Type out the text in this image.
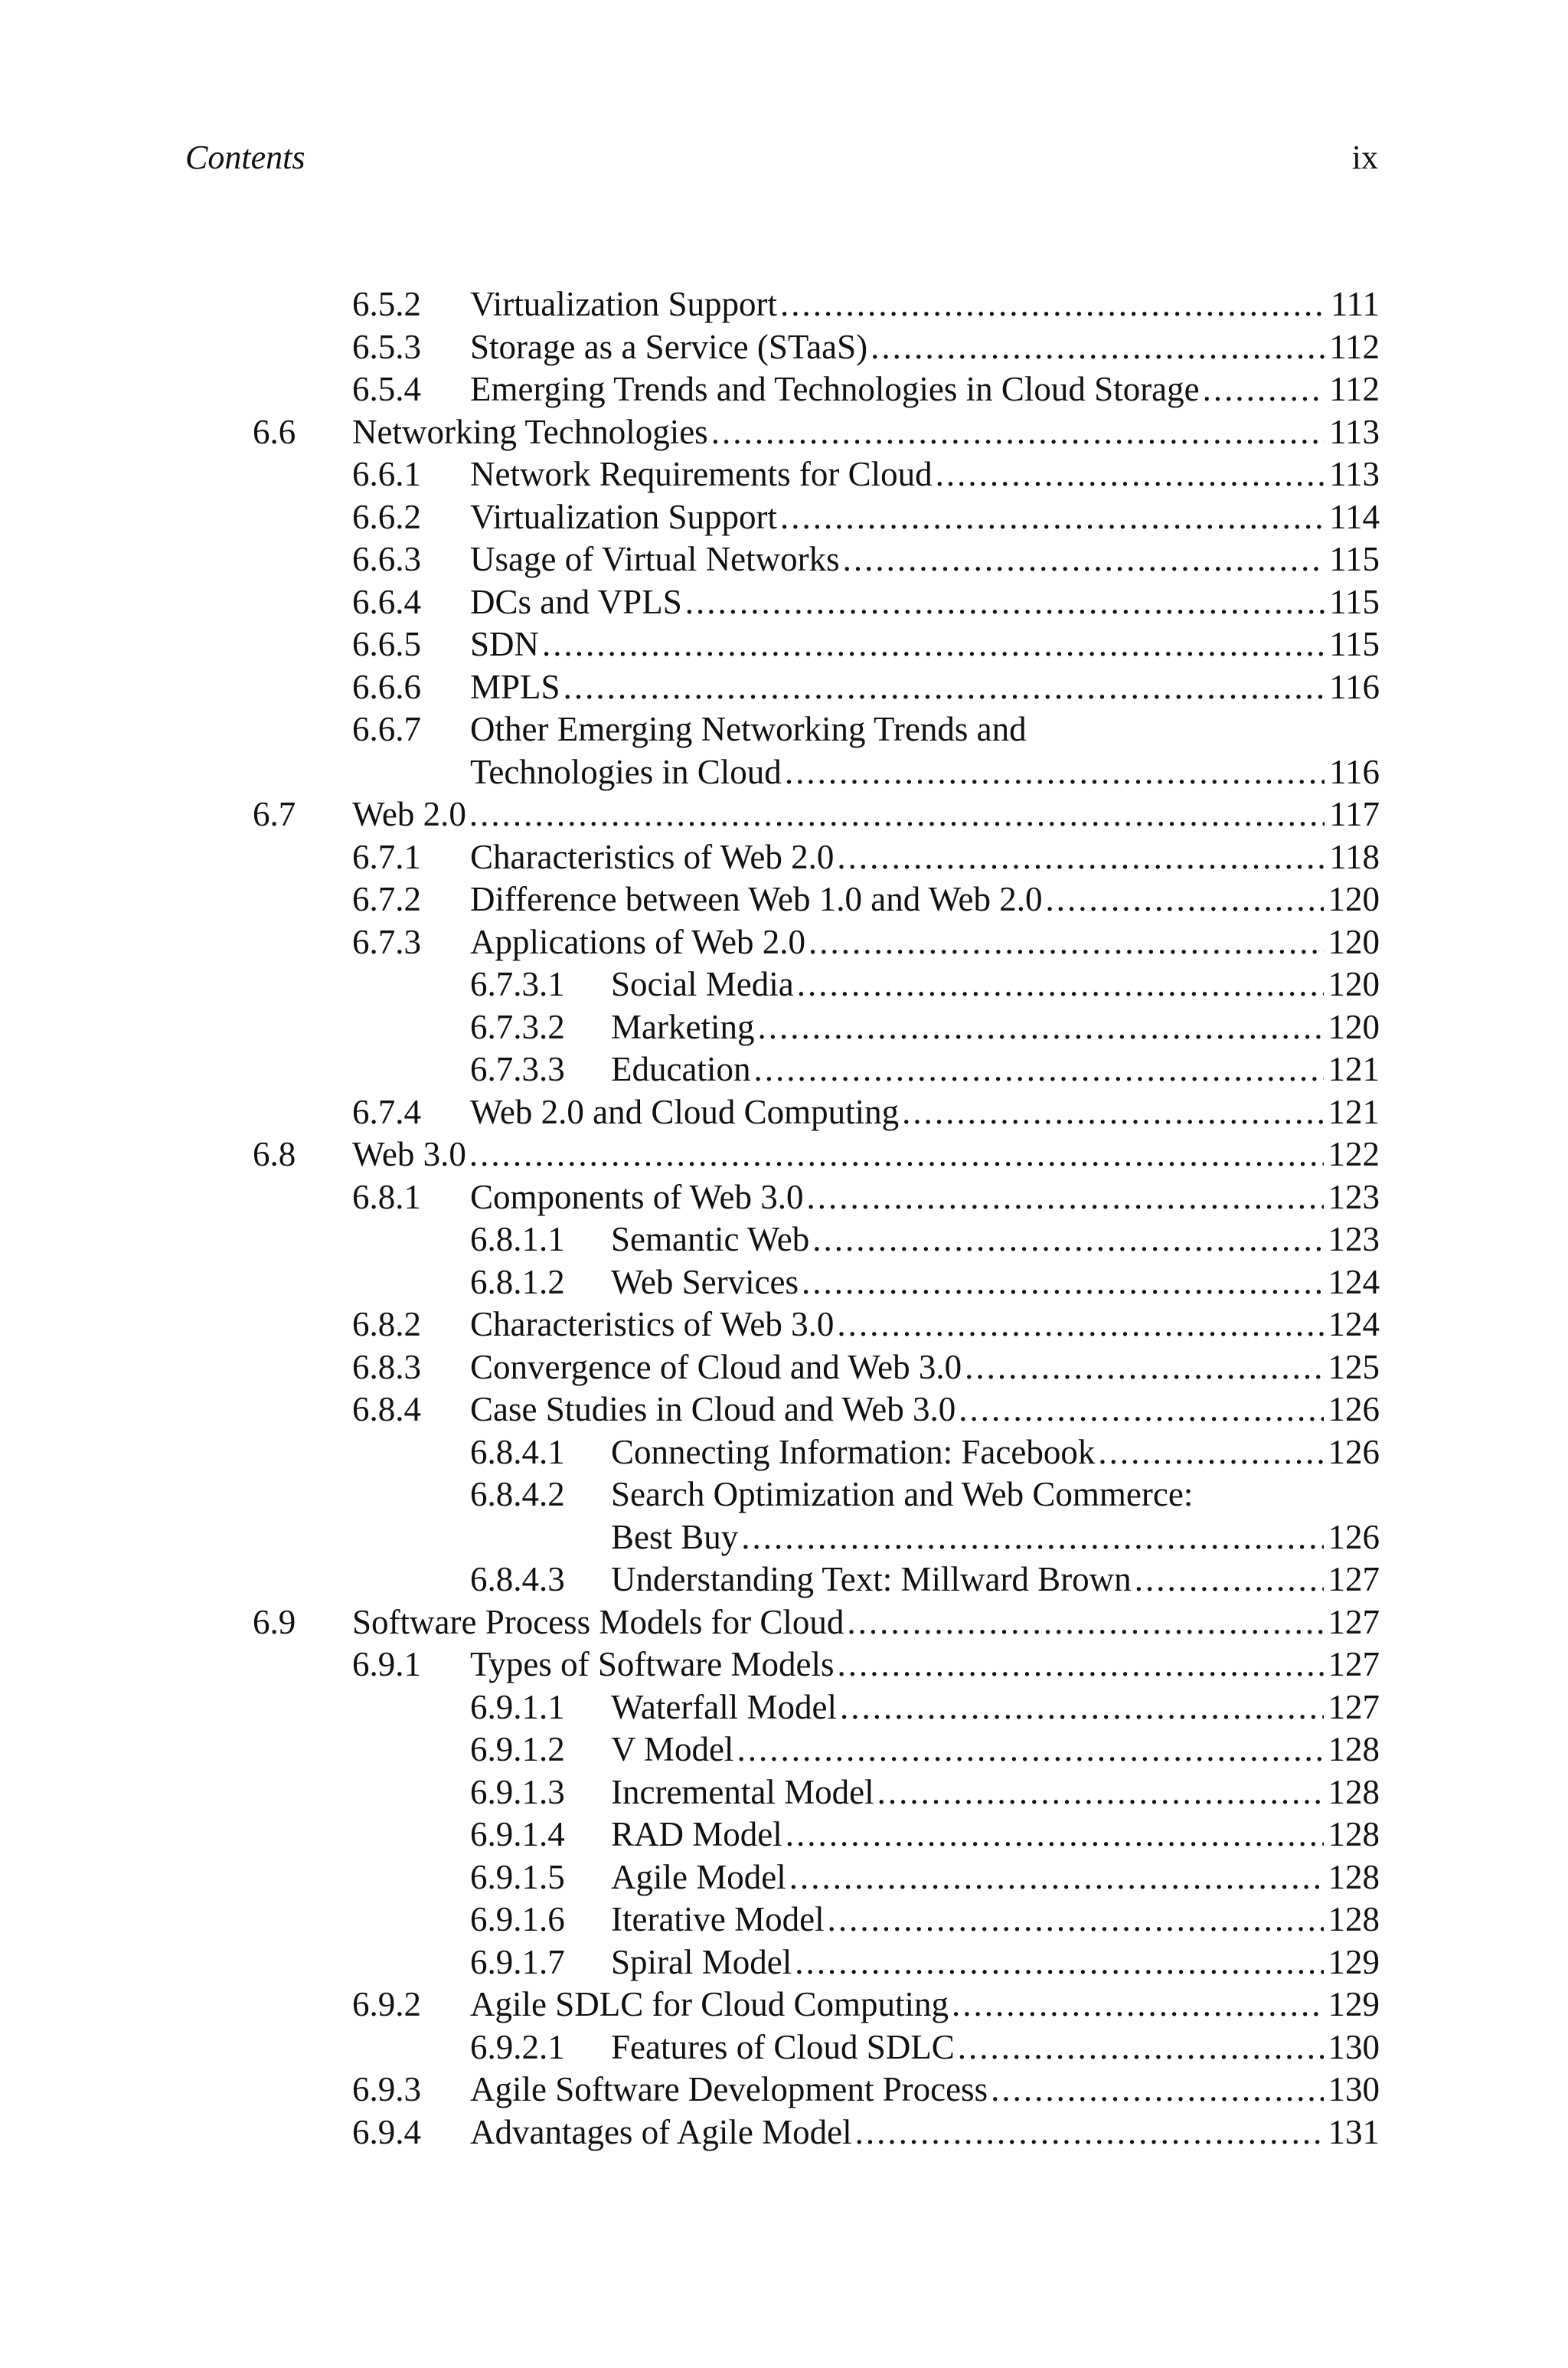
Contents	ix
6.5.2 Virtualization Support .....	111
6.5.3 Storage as a Service (STaaS) .....	112
6.5.4 Emerging Trends and Technologies in Cloud Storage .....	112
6.6 Networking Technologies .....	113
6.6.1 Network Requirements for Cloud .....	113
6.6.2 Virtualization Support .....	114
6.6.3 Usage of Virtual Networks .....	115
6.6.4 DCs and VPLS .....	115
6.6.5 SDN .....	115
6.6.6 MPLS .....	116
6.6.7 Other Emerging Networking Trends and
Technologies in Cloud .....	116
6.7 Web 2.0 .....	117
6.7.1 Characteristics of Web 2.0 .....	118
6.7.2 Difference between Web 1.0 and Web 2.0 .....	120
6.7.3 Applications of Web 2.0 .....	120
6.7.3.1 Social Media .....	120
6.7.3.2 Marketing .....	120
6.7.3.3 Education .....	121
6.7.4 Web 2.0 and Cloud Computing .....	121
6.8 Web 3.0 .....	122
6.8.1 Components of Web 3.0 .....	123
6.8.1.1 Semantic Web .....	123
6.8.1.2 Web Services .....	124
6.8.2 Characteristics of Web 3.0 .....	124
6.8.3 Convergence of Cloud and Web 3.0 .....	125
6.8.4 Case Studies in Cloud and Web 3.0 .....	126
6.8.4.1 Connecting Information: Facebook .....	126
6.8.4.2 Search Optimization and Web Commerce:
Best Buy .....	126
6.8.4.3 Understanding Text: Millward Brown .....	127
6.9 Software Process Models for Cloud .....	127
6.9.1 Types of Software Models .....	127
6.9.1.1 Waterfall Model .....	127
6.9.1.2 V Model .....	128
6.9.1.3 Incremental Model .....	128
6.9.1.4 RAD Model .....	128
6.9.1.5 Agile Model .....	128
6.9.1.6 Iterative Model .....	128
6.9.1.7 Spiral Model .....	129
6.9.2 Agile SDLC for Cloud Computing .....	129
6.9.2.1 Features of Cloud SDLC .....	130
6.9.3 Agile Software Development Process .....	130
6.9.4 Advantages of Agile Model .....	131
